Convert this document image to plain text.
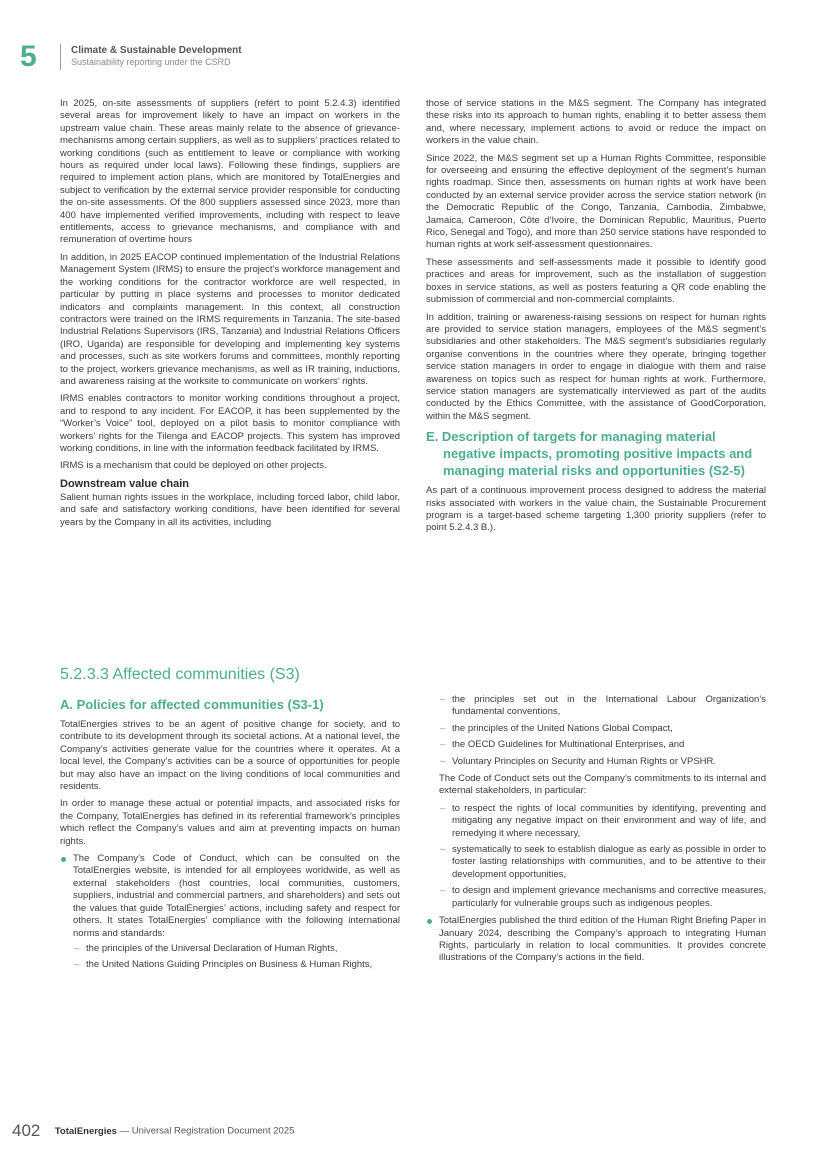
5	Climate & Sustainable Development
Sustainability reporting under the CSRD

In 2025, on-site assessments of suppliers (refért to point 5.2.4.3) identified several areas for improvement likely to have an impact on workers in the upstream value chain. These areas mainly relate to the absence of grievance-mechanisms among certain suppliers, as well as to suppliers’ practices related to working conditions (such as entitlement to leave or compliance with working hours as required under local laws). Following these findings, suppliers are required to implement action plans, which are monitored by TotalEnergies and subject to verification by the external service provider responsible for conducting the on-site assessments. Of the 800 suppliers assessed since 2023, more than 400 have implemented verified improvements, including with respect to leave entitlements, access to grievance mechanisms, and compliance with and remuneration of overtime hours

In addition, in 2025 EACOP continued implementation of the Industrial Relations Management System (IRMS) to ensure the project’s workforce management and the working conditions for the contractor workforce are well respected, in particular by putting in place systems and processes to monitor dedicated indicators and complaints management. In this context, all construction contractors were trained on the IRMS requirements in Tanzania. The site-based Industrial Relations Supervisors (IRS, Tanzania) and Industrial Relations Officers (IRO, Uganda) are responsible for developing and implementing key systems and processes, such as site workers forums and committees, monthly reporting to the project, workers grievance mechanisms, as well as IR training, inductions, and awareness raising at the worksite to communicate on workers’ rights.

IRMS enables contractors to monitor working conditions throughout a project, and to respond to any incident. For EACOP, it has been supplemented by the “Worker’s Voice” tool, deployed on a pilot basis to monitor compliance with workers’ rights for the Tilenga and EACOP projects. This system has improved working conditions, in line with the information feedback facilitated by IRMS.

IRMS is a mechanism that could be deployed on other projects.

Downstream value chain

Salient human rights issues in the workplace, including forced labor, child labor, and safe and satisfactory working conditions, have been identified for several years by the Company in all its activities, including

those of service stations in the M&S segment. The Company has integrated these risks into its approach to human rights, enabling it to better assess them and, where necessary, implement actions to avoid or reduce the impact on workers in the value chain.

Since 2022, the M&S segment set up a Human Rights Committee, responsible for overseeing and ensuring the effective deployment of the segment’s human rights roadmap. Since then, assessments on human rights at work have been conducted by an external service provider across the service station network (in the Democratic Republic of the Congo, Tanzania, Cambodia, Zimbabwe, Jamaica, Cameroon, Côte d’Ivoire, the Dominican Republic, Mauritius, Puerto Rico, Senegal and Togo), and more than 250 service stations have responded to human rights at work self-assessment questionnaires.

These assessments and self-assessments made it possible to identify good practices and areas for improvement, such as the installation of suggestion boxes in service stations, as well as posters featuring a QR code enabling the submission of commercial and non-commercial complaints.

In addition, training or awareness-raising sessions on respect for human rights are provided to service station managers, employees of the M&S segment’s subsidiaries and other stakeholders. The M&S segment’s subsidiaries regularly organise conventions in the countries where they operate, bringing together service station managers in order to engage in dialogue with them and raise awareness on topics such as respect for human rights at work. Furthermore, service station managers are systematically interviewed as part of the audits conducted by the Ethics Committee, with the assistance of GoodCorporation, within the M&S segment.

E. Description of targets for managing material negative impacts, promoting positive impacts and managing material risks and opportunities (S2-5)

As part of a continuous improvement process designed to address the material risks associated with workers in the value chain, the Sustainable Procurement program is a target-based scheme targeting 1,300 priority suppliers (refer to point 5.2.4.3 B.).

5.2.3.3 Affected communities (S3)
A. Policies for affected communities (S3-1)

TotalEnergies strives to be an agent of positive change for society, and to contribute to its development through its societal actions. At a national level, the Company’s activities generate value for the countries where it operates. At a local level, the Company’s activities can be a source of opportunities for people but may also have an impact on the living conditions of local communities and residents.

In order to manage these actual or potential impacts, and associated risks for the Company, TotalEnergies has defined in its referential framework’s principles which reflect the Company’s values and aim at preventing impacts on human rights.

The Company’s Code of Conduct, which can be consulted on the TotalEnergies website, is intended for all employees worldwide, as well as external stakeholders (host countries, local communities, customers, suppliers, industrial and commercial partners, and shareholders) and sets out the values that guide TotalEnergies’ actions, including safety and respect for others. It states TotalEnergies’ compliance with the following international norms and standards:
– the principles of the Universal Declaration of Human Rights,
– the United Nations Guiding Principles on Business & Human Rights,
– the principles set out in the International Labour Organization’s fundamental conventions,
– the principles of the United Nations Global Compact,
– the OECD Guidelines for Multinational Enterprises, and
– Voluntary Principles on Security and Human Rights or VPSHR.

The Code of Conduct sets out the Company’s commitments to its internal and external stakeholders, in particular:

– to respect the rights of local communities by identifying, preventing and mitigating any negative impact on their environment and way of life, and remedying it where necessary,
– systematically to seek to establish dialogue as early as possible in order to foster lasting relationships with communities, and to be attentive to their development opportunities,
– to design and implement grievance mechanisms and corrective measures, particularly for vulnerable groups such as indigenous peoples.
TotalEnergies published the third edition of the Human Right Briefing Paper in January 2024, describing the Company’s approach to integrating Human Rights, particularly in relation to local communities. It provides concrete illustrations of the Company’s actions in the field.
402 TotalEnergies — Universal Registration Document 2025
